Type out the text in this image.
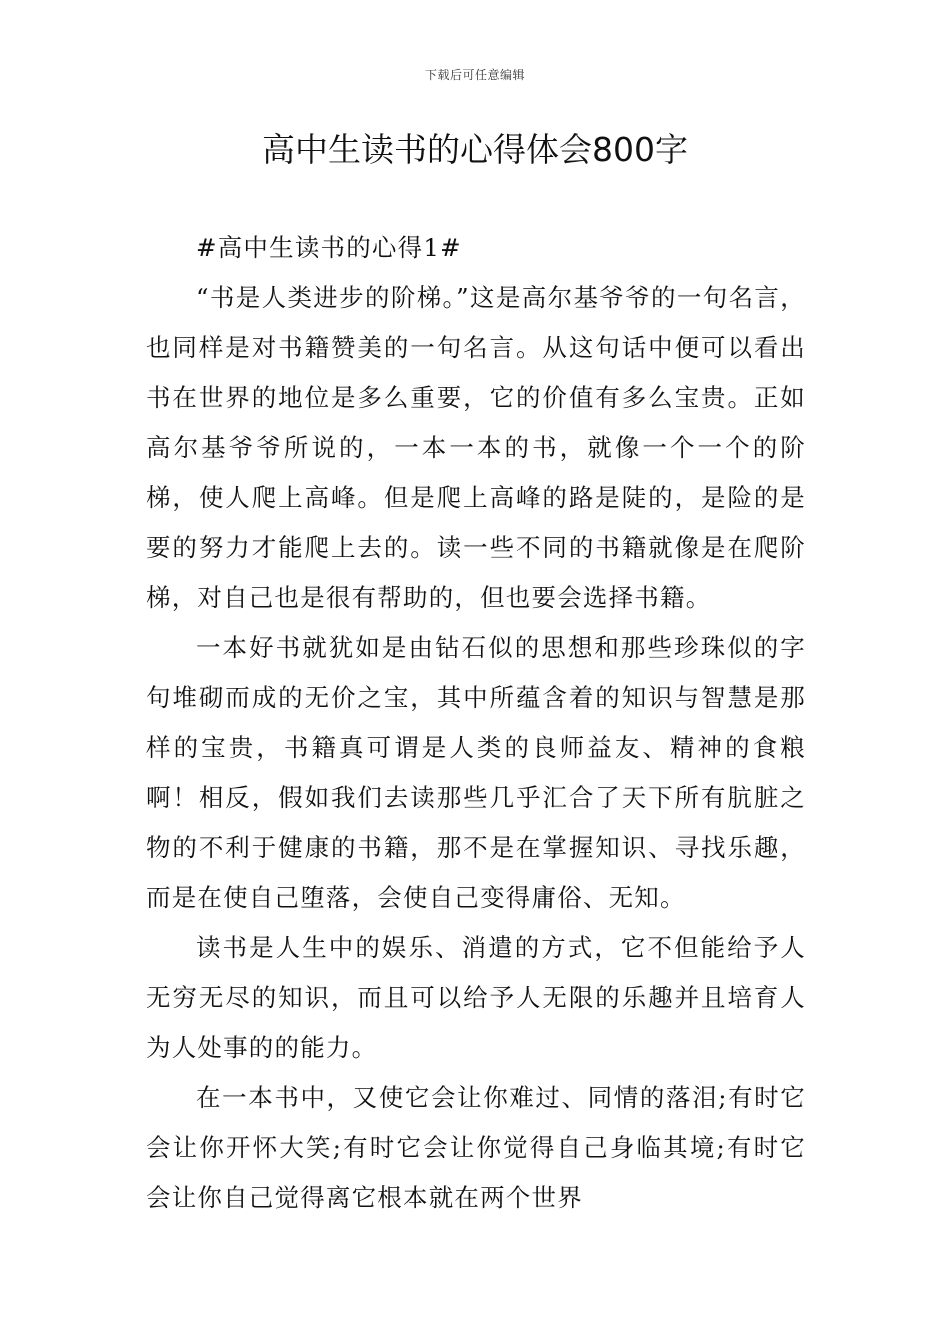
下载后可任意编辑
高中生读书的心得体会800字
#高中生读书的心得1#

“书是人类进步的阶梯。”这是高尔基爷爷的一句名言，也同样是对书籍赞美的一句名言。从这句话中便可以看出书在世界的地位是多么重要，它的价值有多么宝贵。正如高尔基爷爷所说的，一本一本的书，就像一个一个的阶梯，使人爬上高峰。但是爬上高峰的路是陡的，是险的是要的努力才能爬上去的。读一些不同的书籍就像是在爬阶梯，对自己也是很有帮助的，但也要会选择书籍。

一本好书就犹如是由钻石似的思想和那些珍珠似的字句堆砌而成的无价之宝，其中所蕴含着的知识与智慧是那样的宝贵，书籍真可谓是人类的良师益友、精神的食粮啊！相反，假如我们去读那些几乎汇合了天下所有肮脏之物的不利于健康的书籍，那不是在掌握知识、寻找乐趣，而是在使自己堕落，会使自己变得庸俗、无知。

读书是人生中的娱乐、消遣的方式，它不但能给予人无穷无尽的知识，而且可以给予人无限的乐趣并且培育人为人处事的的能力。

在一本书中，又使它会让你难过、同情的落泪;有时它会让你开怀大笑;有时它会让你觉得自己身临其境;有时它会让你自己觉得离它根本就在两个世界
